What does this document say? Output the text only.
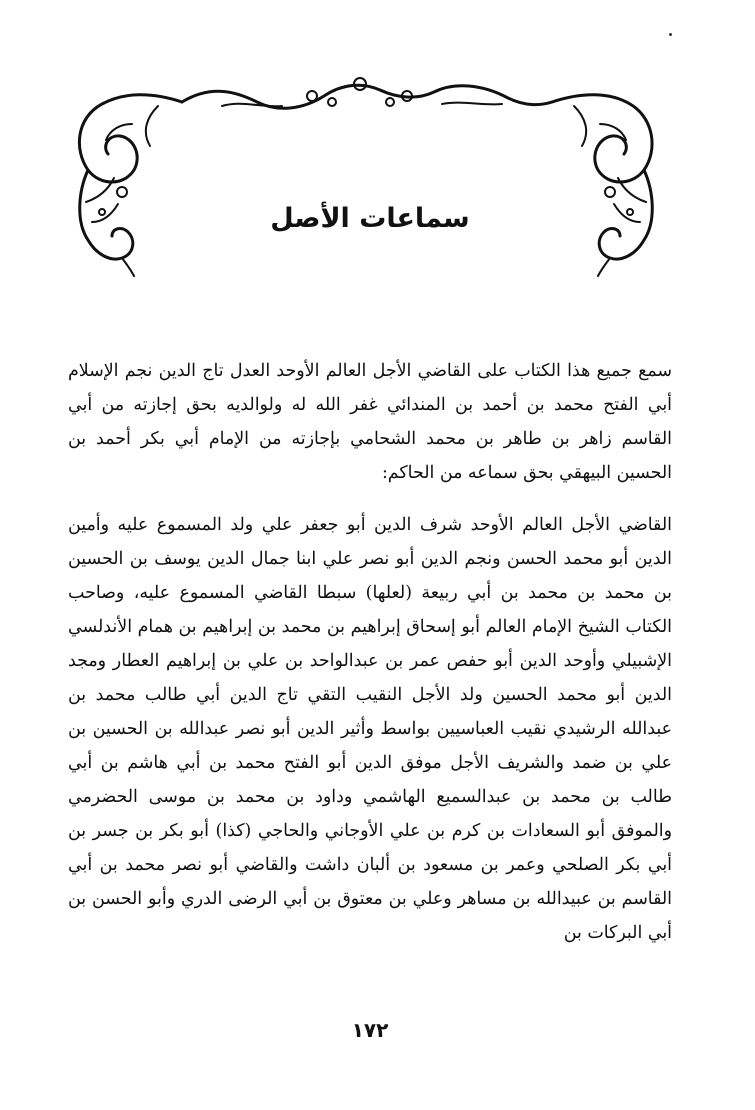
سماعات الأصل

سمع جميع هذا الكتاب على القاضي الأجل العالم الأوحد العدل تاج الدين نجم الإسلام أبي الفتح محمد بن أحمد بن المندائي غفر الله له ولوالديه بحق إجازته من أبي القاسم زاهر بن طاهر بن محمد الشحامي بإجازته من الإمام أبي بكر أحمد بن الحسين البيهقي بحق سماعه من الحاكم:

القاضي الأجل العالم الأوحد شرف الدين أبو جعفر علي ولد المسموع عليه وأمين الدين أبو محمد الحسن ونجم الدين أبو نصر علي ابنا جمال الدين يوسف بن الحسين بن محمد بن محمد بن أبي ربيعة (لعلها) سبطا القاضي المسموع عليه، وصاحب الكتاب الشيخ الإمام العالم أبو إسحاق إبراهيم بن محمد بن إبراهيم بن همام الأندلسي الإشبيلي وأوحد الدين أبو حفص عمر بن عبدالواحد بن علي بن إبراهيم العطار ومجد الدين أبو محمد الحسين ولد الأجل النقيب التقي تاج الدين أبي طالب محمد بن عبدالله الرشيدي نقيب العباسيين بواسط وأثير الدين أبو نصر عبدالله بن الحسين بن علي بن ضمد والشريف الأجل موفق الدين أبو الفتح محمد بن أبي هاشم بن أبي طالب بن محمد بن عبدالسميع الهاشمي وداود بن محمد بن موسى الحضرمي والموفق أبو السعادات بن كرم بن علي الأوجاني والحاجي (كذا) أبو بكر بن جسر بن أبي بكر الصلحي وعمر بن مسعود بن ألبان داشت والقاضي أبو نصر محمد بن أبي القاسم بن عبيدالله بن مساهر وعلي بن معتوق بن أبي الرضى الدري وأبو الحسن بن أبي البركات بن

١٧٢
